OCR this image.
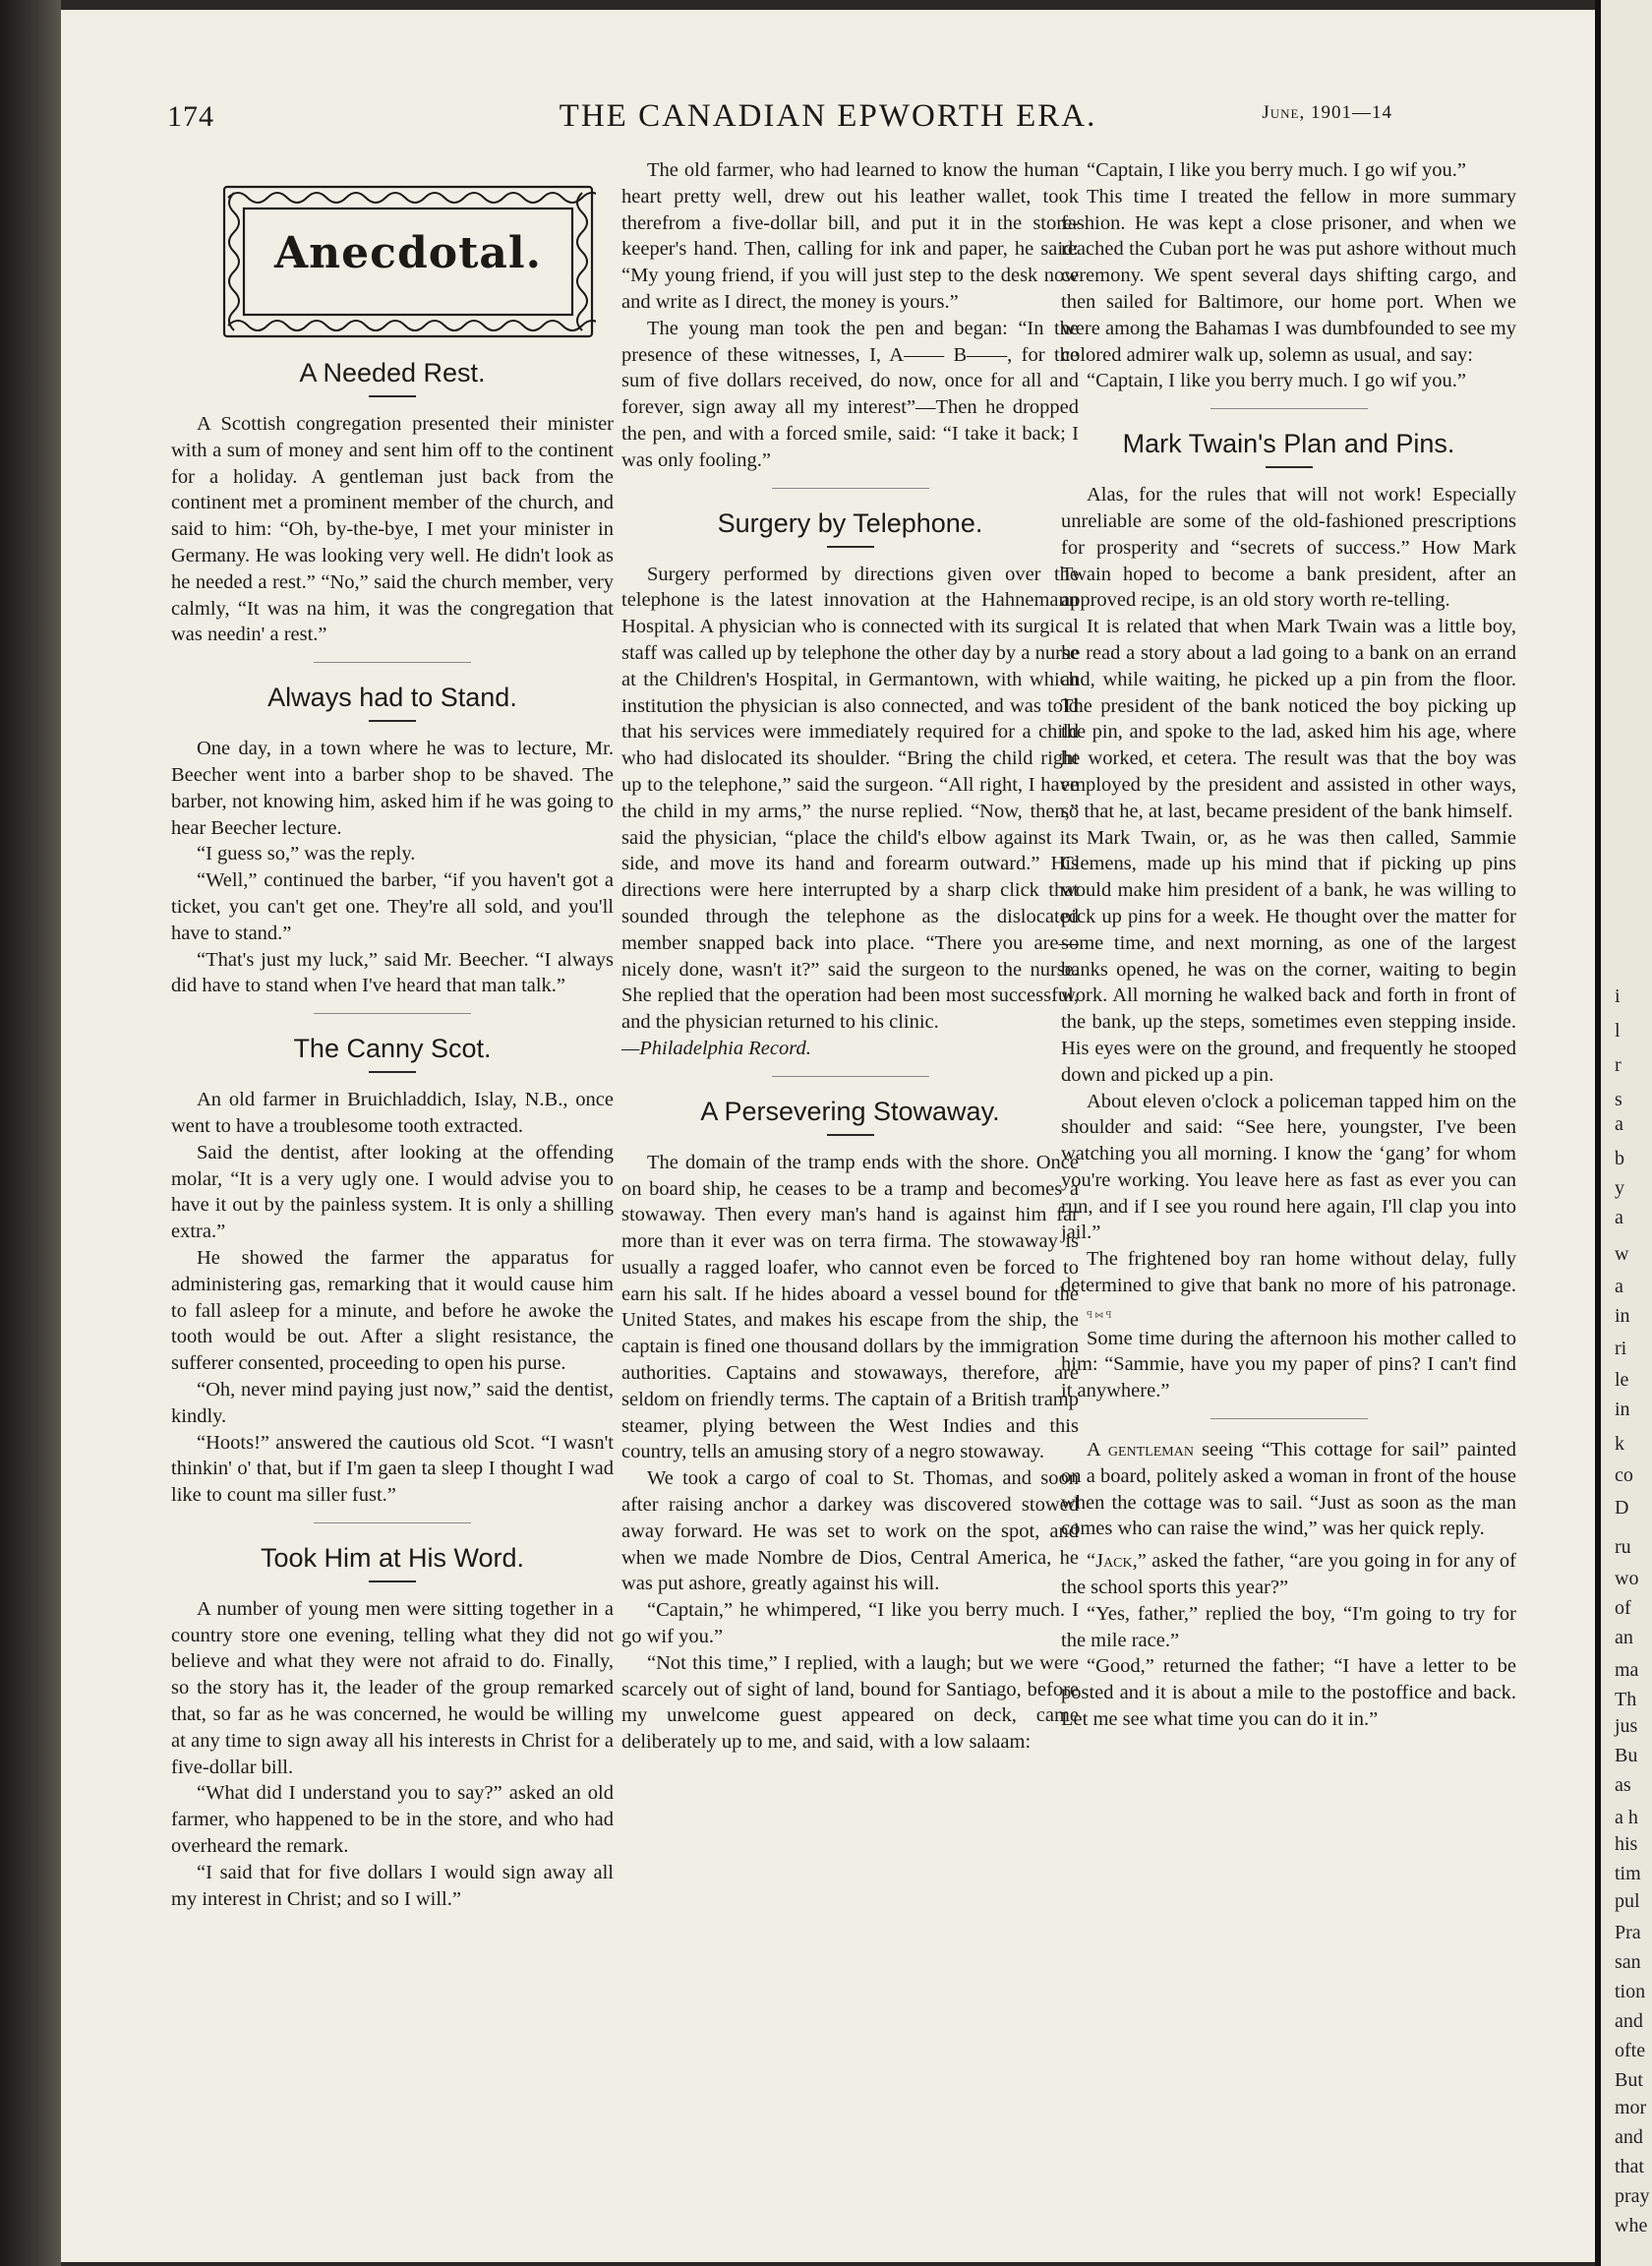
174	THE CANADIAN EPWORTH ERA.	June, 1901—14
Anecdotal.
A Needed Rest.

A Scottish congregation presented their minister with a sum of money and sent him off to the continent for a holiday. A gentleman just back from the continent met a prominent member of the church, and said to him: “Oh, by-the-bye, I met your minister in Germany. He was looking very well. He didn't look as he needed a rest.” “No,” said the church member, very calmly, “It was na him, it was the congregation that was needin' a rest.”

Always had to Stand.

One day, in a town where he was to lecture, Mr. Beecher went into a barber shop to be shaved. The barber, not knowing him, asked him if he was going to hear Beecher lecture.

“I guess so,” was the reply.

“Well,” continued the barber, “if you haven't got a ticket, you can't get one. They're all sold, and you'll have to stand.”

“That's just my luck,” said Mr. Beecher. “I always did have to stand when I've heard that man talk.”

The Canny Scot.

An old farmer in Bruichladdich, Islay, N.B., once went to have a troublesome tooth extracted.

Said the dentist, after looking at the offending molar, “It is a very ugly one. I would advise you to have it out by the painless system. It is only a shilling extra.”

He showed the farmer the apparatus for administering gas, remarking that it would cause him to fall asleep for a minute, and before he awoke the tooth would be out. After a slight resistance, the sufferer consented, proceeding to open his purse.

“Oh, never mind paying just now,” said the dentist, kindly.

“Hoots!” answered the cautious old Scot. “I wasn't thinkin' o' that, but if I'm gaen ta sleep I thought I wad like to count ma siller fust.”

Took Him at His Word.

A number of young men were sitting together in a country store one evening, telling what they did not believe and what they were not afraid to do. Finally, so the story has it, the leader of the group remarked that, so far as he was concerned, he would be willing at any time to sign away all his interests in Christ for a five-dollar bill.

“What did I understand you to say?” asked an old farmer, who happened to be in the store, and who had overheard the remark.

“I said that for five dollars I would sign away all my interest in Christ; and so I will.”

The old farmer, who had learned to know the human heart pretty well, drew out his leather wallet, took therefrom a five-dollar bill, and put it in the store-keeper's hand. Then, calling for ink and paper, he said: “My young friend, if you will just step to the desk now and write as I direct, the money is yours.”

The young man took the pen and began: “In the presence of these witnesses, I, A—— B——, for the sum of five dollars received, do now, once for all and forever, sign away all my interest”—Then he dropped the pen, and with a forced smile, said: “I take it back; I was only fooling.”

Surgery by Telephone.

Surgery performed by directions given over the telephone is the latest innovation at the Hahnemann Hospital. A physician who is connected with its surgical staff was called up by telephone the other day by a nurse at the Children's Hospital, in Germantown, with which institution the physician is also connected, and was told that his services were immediately required for a child who had dislocated its shoulder. “Bring the child right up to the telephone,” said the surgeon. “All right, I have the child in my arms,” the nurse replied. “Now, then,” said the physician, “place the child's elbow against its side, and move its hand and forearm outward.” His directions were here interrupted by a sharp click that sounded through the telephone as the dislocated member snapped back into place. “There you are—nicely done, wasn't it?” said the surgeon to the nurse. She replied that the operation had been most successful, and the physician returned to his clinic.

—Philadelphia Record.

A Persevering Stowaway.

The domain of the tramp ends with the shore. Once on board ship, he ceases to be a tramp and becomes a stowaway. Then every man's hand is against him far more than it ever was on terra firma. The stowaway is usually a ragged loafer, who cannot even be forced to earn his salt. If he hides aboard a vessel bound for the United States, and makes his escape from the ship, the captain is fined one thousand dollars by the immigration authorities. Captains and stowaways, therefore, are seldom on friendly terms. The captain of a British tramp steamer, plying between the West Indies and this country, tells an amusing story of a negro stowaway.

We took a cargo of coal to St. Thomas, and soon after raising anchor a darkey was discovered stowed away forward. He was set to work on the spot, and when we made Nombre de Dios, Central America, he was put ashore, greatly against his will.

“Captain,” he whimpered, “I like you berry much. I go wif you.”

“Not this time,” I replied, with a laugh; but we were scarcely out of sight of land, bound for Santiago, before my unwelcome guest appeared on deck, came deliberately up to me, and said, with a low salaam:

“Captain, I like you berry much. I go wif you.”

This time I treated the fellow in more summary fashion. He was kept a close prisoner, and when we reached the Cuban port he was put ashore without much ceremony. We spent several days shifting cargo, and then sailed for Baltimore, our home port. When we were among the Bahamas I was dumbfounded to see my colored admirer walk up, solemn as usual, and say:

“Captain, I like you berry much. I go wif you.”

Mark Twain's Plan and Pins.

Alas, for the rules that will not work! Especially unreliable are some of the old-fashioned prescriptions for prosperity and “secrets of success.” How Mark Twain hoped to become a bank president, after an approved recipe, is an old story worth re-telling.

It is related that when Mark Twain was a little boy, he read a story about a lad going to a bank on an errand and, while waiting, he picked up a pin from the floor. The president of the bank noticed the boy picking up the pin, and spoke to the lad, asked him his age, where he worked, et cetera. The result was that the boy was employed by the president and assisted in other ways, so that he, at last, became president of the bank himself.

Mark Twain, or, as he was then called, Sammie Clemens, made up his mind that if picking up pins would make him president of a bank, he was willing to pick up pins for a week. He thought over the matter for some time, and next morning, as one of the largest banks opened, he was on the corner, waiting to begin work. All morning he walked back and forth in front of the bank, up the steps, sometimes even stepping inside. His eyes were on the ground, and frequently he stooped down and picked up a pin.

About eleven o'clock a policeman tapped him on the shoulder and said: “See here, youngster, I've been watching you all morning. I know the ‘gang’ for whom you're working. You leave here as fast as ever you can run, and if I see you round here again, I'll clap you into jail.”

The frightened boy ran home without delay, fully determined to give that bank no more of his patronage. ꟼ ⋈ ꟼ

Some time during the afternoon his mother called to him: “Sammie, have you my paper of pins? I can't find it anywhere.”

A gentleman seeing “This cottage for sail” painted on a board, politely asked a woman in front of the house when the cottage was to sail. “Just as soon as the man comes who can raise the wind,” was her quick reply.

“Jack,” asked the father, “are you going in for any of the school sports this year?”

“Yes, father,” replied the boy, “I'm going to try for the mile race.”

“Good,” returned the father; “I have a letter to be posted and it is about a mile to the postoffice and back. Let me see what time you can do it in.”

i
l
r
s
a
b
y
a
w
a
in
ri
le
in
k
co
D
ru
wo
of
an
ma
Th
jus
Bu
as
a h
his
tim
pul
Pra
san
tion
and
ofte
But
mor
and
that
pray
whe
